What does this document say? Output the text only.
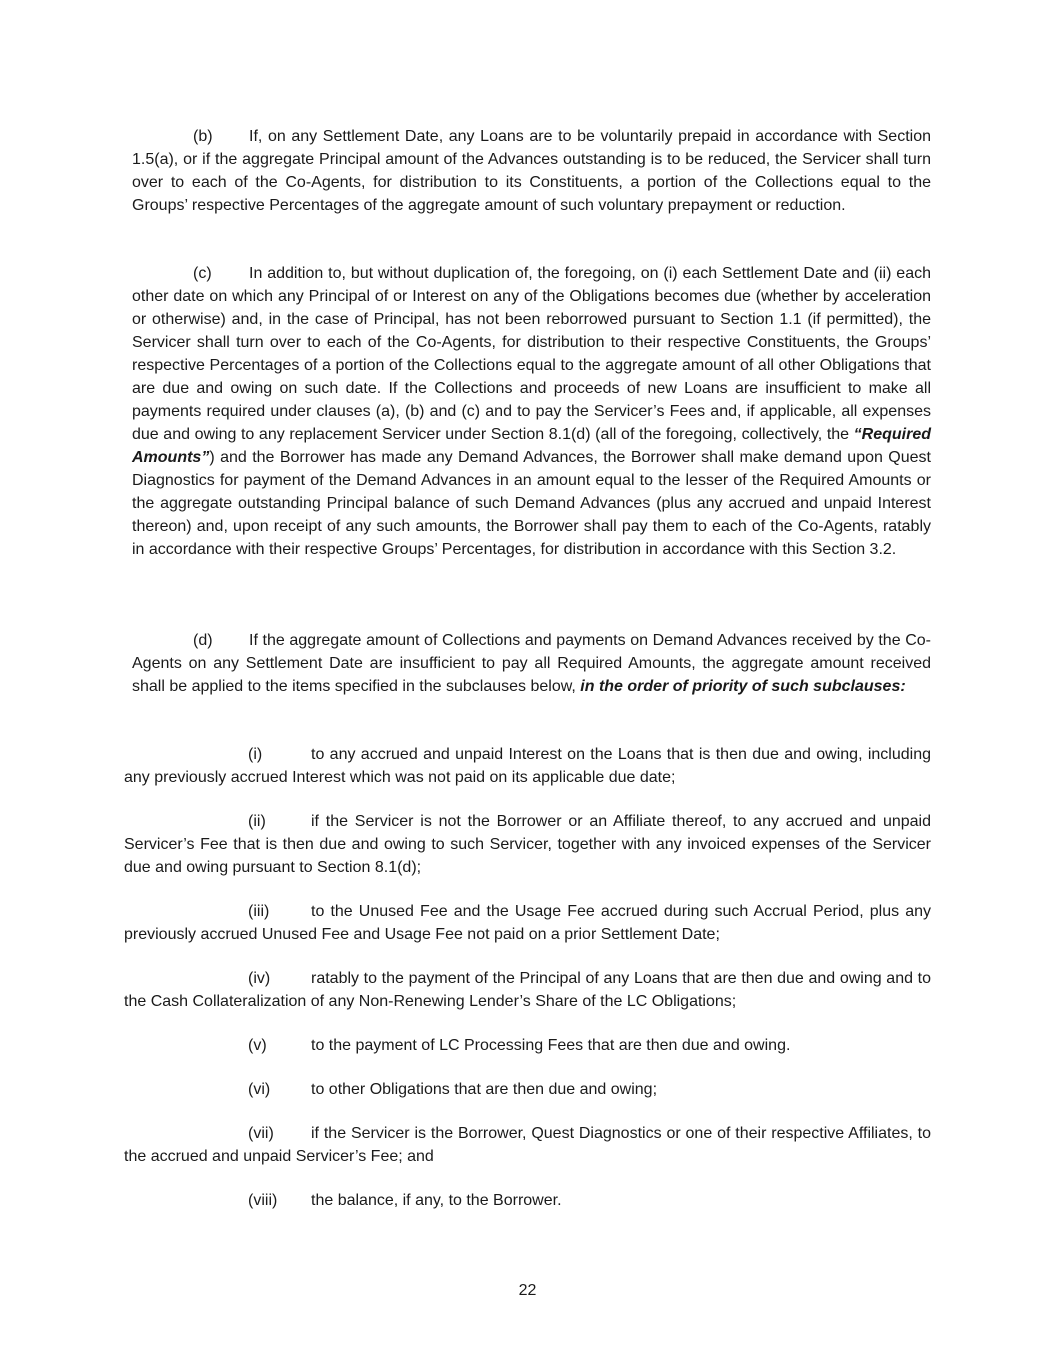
(b) If, on any Settlement Date, any Loans are to be voluntarily prepaid in accordance with Section 1.5(a), or if the aggregate Principal amount of the Advances outstanding is to be reduced, the Servicer shall turn over to each of the Co-Agents, for distribution to its Constituents, a portion of the Collections equal to the Groups’ respective Percentages of the aggregate amount of such voluntary prepayment or reduction.

(c) In addition to, but without duplication of, the foregoing, on (i) each Settlement Date and (ii) each other date on which any Principal of or Interest on any of the Obligations becomes due (whether by acceleration or otherwise) and, in the case of Principal, has not been reborrowed pursuant to Section 1.1 (if permitted), the Servicer shall turn over to each of the Co-Agents, for distribution to their respective Constituents, the Groups’ respective Percentages of a portion of the Collections equal to the aggregate amount of all other Obligations that are due and owing on such date. If the Collections and proceeds of new Loans are insufficient to make all payments required under clauses (a), (b) and (c) and to pay the Servicer’s Fees and, if applicable, all expenses due and owing to any replacement Servicer under Section 8.1(d) (all of the foregoing, collectively, the “Required Amounts”) and the Borrower has made any Demand Advances, the Borrower shall make demand upon Quest Diagnostics for payment of the Demand Advances in an amount equal to the lesser of the Required Amounts or the aggregate outstanding Principal balance of such Demand Advances (plus any accrued and unpaid Interest thereon) and, upon receipt of any such amounts, the Borrower shall pay them to each of the Co-Agents, ratably in accordance with their respective Groups’ Percentages, for distribution in accordance with this Section 3.2.

(d) If the aggregate amount of Collections and payments on Demand Advances received by the Co-Agents on any Settlement Date are insufficient to pay all Required Amounts, the aggregate amount received shall be applied to the items specified in the subclauses below, in the order of priority of such subclauses:

(i)	to any accrued and unpaid Interest on the Loans that is then due and owing, including any previously accrued Interest which was not paid on its applicable due date;

(ii)	if the Servicer is not the Borrower or an Affiliate thereof, to any accrued and unpaid Servicer’s Fee that is then due and owing to such Servicer, together with any invoiced expenses of the Servicer due and owing pursuant to Section 8.1(d);

(iii)	to the Unused Fee and the Usage Fee accrued during such Accrual Period, plus any previously accrued Unused Fee and Usage Fee not paid on a prior Settlement Date;

(iv)	ratably to the payment of the Principal of any Loans that are then due and owing and to the Cash Collateralization of any Non-Renewing Lender’s Share of the LC Obligations;

(v)	to the payment of LC Processing Fees that are then due and owing.

(vi)	to other Obligations that are then due and owing;

(vii) if the Servicer is the Borrower, Quest Diagnostics or one of their respective Affiliates, to the accrued and unpaid Servicer’s Fee; and

(viii) the balance, if any, to the Borrower.

22
